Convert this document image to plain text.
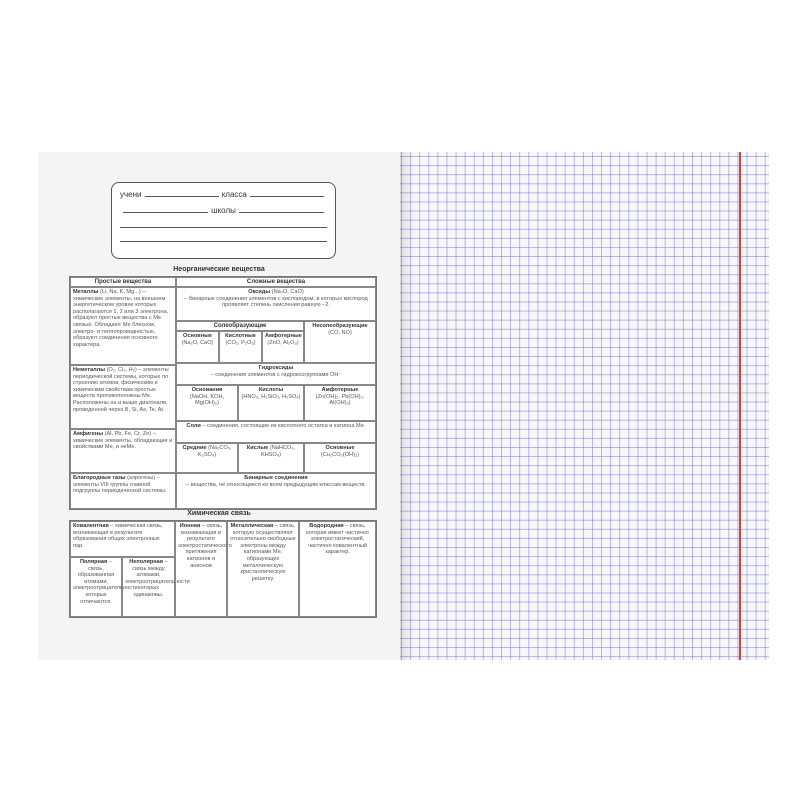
учени	класса
школы
Неорганические вещества
Простые вещества
Металлы (Li, Na, K, Mg...) – химические элементы, на внешнем энергетическом уровне которых располагаются 1, 2 или 3 электрона, образуют простые вещества с Ме связью. Обладают Ме блеском, электро- и теплопроводностью, образуют соединения основного характера.
Неметаллы (O₂, Cl₂, H₂) – элементы периодической системы, которые по строению атомов, физическим и химическим свойствам простых веществ противоположны Ме. Расположены на и выше диагонали, проведенной через B, Si, As, Te, At.
Амфигены (Al, Pb, Fe, Cr, Zn) – химические элементы, обладающие и свойствами Ме, и неМе.
Благородные газы (аэрогены) – элементы VIII группы главной подгруппы периодической системы.
Сложные вещества
Оксиды (Na₂O, CaO)
– бинарные соединения элементов с кислородом, в которых кислород проявляет степень окисления равную –2.
Солеобразующие	Несолеобразующие
(CO, NO)
Основные
(Na₂O, CaO)
Кислотные
(CO₂, P₂O₅)
Амфотерные
(ZnO, Al₂O₃)
Гидроксиды
– соединения элементов с гидроксогруппами OH⁻
Основания
(NaOH, KOH, Mg(OH)₂)
Кислоты
(HNO₃, H₂SiO₃, H₂SO₄)
Амфотерные
(Zn(OH)₂, Pb(OH)₂, Al(OH)₃)
Соли – соединения, состоящие из кислотного остатка и катиона Ме.
Средние (Na₂CO₃, K₂SO₄)
Кислые (NaHCO₃, KHSO₄)
Основные (Cu₂CO₃(OH)₂)
Бинарные соединения
– вещества, не относящиеся ко всем предыдущим классам веществ.
Химическая связь
Ковалентная – химическая связь, возникающая в результате образования общих электронных пар.
Полярная – связь, образованная атомами, электроотрицательности которых отличаются.
Неполярная – связь между атомами, электроотрицательности которых одинаковы.
Ионная – связь, возникающая в результате электростатического притяжения катионов и анионов
Металлическая – связь, которую осуществляют относительно свободные электроны между катионами Ме, образующих металлическую кристаллическую решетку.
Водородная – связь, которая имеет частично электростатический, частично ковалентный характер.
